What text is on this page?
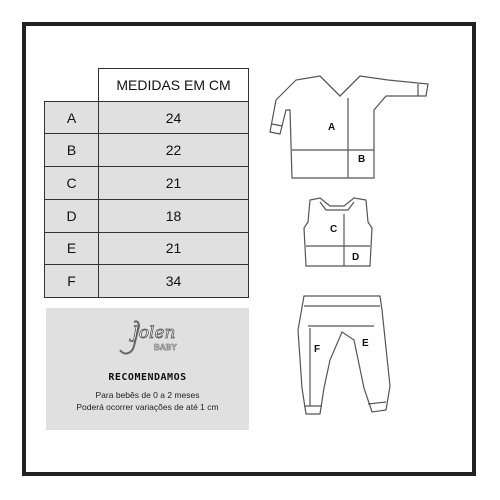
	MEDIDAS EM CM
A	24
B	22
C	21
D	18
E	21
F	34
Jolen
BABY
RECOMENDAMOS
Para bebês de 0 a 2 meses
Poderá ocorrer variações de até 1 cm
A
B
C
D
F
E
